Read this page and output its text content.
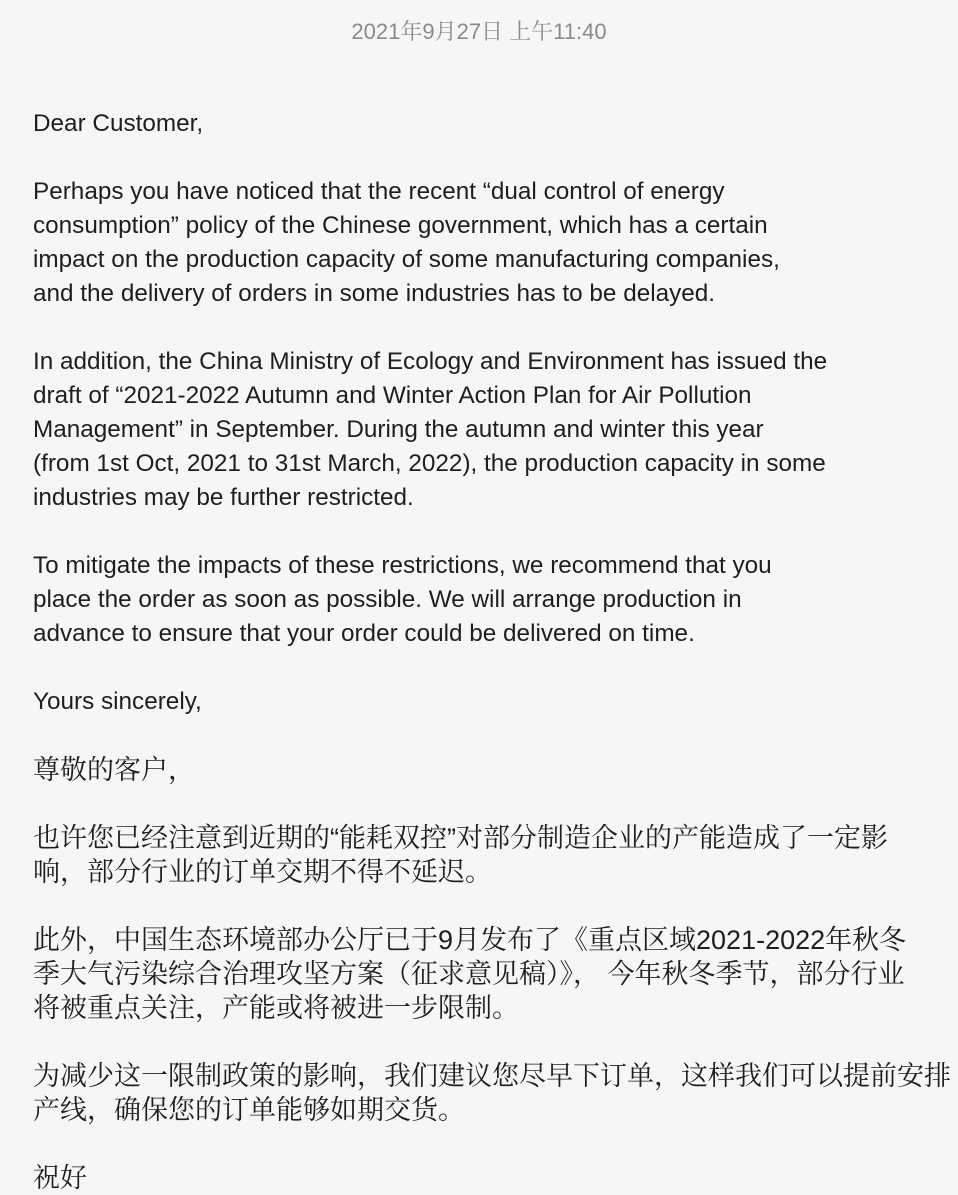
2021年9月27日 上午11:40
Dear Customer,
Perhaps you have noticed that the recent “dual control of energy
consumption” policy of the Chinese government, which has a certain
impact on the production capacity of some manufacturing companies,
and the delivery of orders in some industries has to be delayed.
In addition, the China Ministry of Ecology and Environment has issued the
draft of “2021-2022 Autumn and Winter Action Plan for Air Pollution
Management” in September. During the autumn and winter this year
(from 1st Oct, 2021 to 31st March, 2022), the production capacity in some
industries may be further restricted.
To mitigate the impacts of these restrictions, we recommend that you
place the order as soon as possible. We will arrange production in
advance to ensure that your order could be delivered on time.
Yours sincerely,
尊敬的客户，
也许您已经注意到近期的“能耗双控”对部分制造企业的产能造成了一定影
响，部分行业的订单交期不得不延迟。
此外，中国生态环境部办公厅已于9月发布了《重点区域2021-2022年秋冬
季大气污染综合治理攻坚方案（征求意见稿）》， 今年秋冬季节，部分行业
将被重点关注，产能或将被进一步限制。
为减少这一限制政策的影响，我们建议您尽早下订单，这样我们可以提前安排
产线，确保您的订单能够如期交货。
祝好
